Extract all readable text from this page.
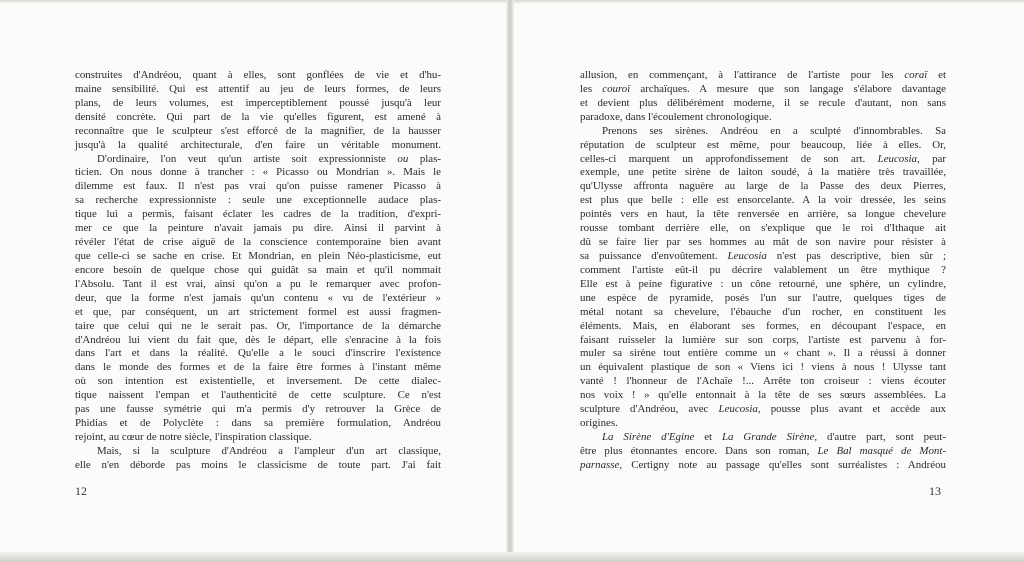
construites d'Andréou, quant à elles, sont gonflées de vie et d'hu-
maine sensibilité. Qui est attentif au jeu de leurs formes, de leurs
plans, de leurs volumes, est imperceptiblement poussé jusqu'à leur
densité concrète. Qui part de la vie qu'elles figurent, est amené à
reconnaître que le sculpteur s'est efforcé de la magnifier, de la hausser
jusqu'à la qualité architecturale, d'en faire un véritable monument.
D'ordinaire, l'on veut qu'un artiste soit expressionniste ou plas-
ticien. On nous donne à trancher : « Picasso ou Mondrian ». Mais le
dilemme est faux. Il n'est pas vrai qu'on puisse ramener Picasso à
sa recherche expressionniste : seule une exceptionnelle audace plas-
tique lui a permis, faisant éclater les cadres de la tradition, d'expri-
mer ce que la peinture n'avait jamais pu dire. Ainsi il parvint à
révéler l'état de crise aiguë de la conscience contemporaine bien avant
que celle-ci se sache en crise. Et Mondrian, en plein Néo-plasticisme, eut
encore besoin de quelque chose qui guidât sa main et qu'il nommait
l'Absolu. Tant il est vrai, ainsi qu'on a pu le remarquer avec profon-
deur, que la forme n'est jamais qu'un contenu « vu de l'extérieur »
et que, par conséquent, un art strictement formel est aussi fragmen-
taire que celui qui ne le serait pas. Or, l'importance de la démarche
d'Andréou lui vient du fait que, dès le départ, elle s'enracine à la fois
dans l'art et dans la réalité. Qu'elle a le souci d'inscrire l'existence
dans le monde des formes et de la faire être formes à l'instant même
où son intention est existentielle, et inversement. De cette dialec-
tique naissent l'empan et l'authenticité de cette sculpture. Ce n'est
pas une fausse symétrie qui m'a permis d'y retrouver la Grèce de
Phidias et de Polyclète : dans sa première formulation, Andréou
rejoint, au cœur de notre siècle, l'inspiration classique.
Mais, si la sculpture d'Andréou a l'ampleur d'un art classique,
elle n'en déborde pas moins le classicisme de toute part. J'ai fait
allusion, en commençant, à l'attirance de l'artiste pour les coraï et
les couroï archaïques. A mesure que son langage s'élabore davantage
et devient plus délibérément moderne, il se recule d'autant, non sans
paradoxe, dans l'écoulement chronologique.
Prenons ses sirènes. Andréou en a sculpté d'innombrables. Sa
réputation de sculpteur est même, pour beaucoup, liée à elles. Or,
celles-ci marquent un approfondissement de son art. Leucosia, par
exemple, une petite sirène de laiton soudé, à la matière très travaillée,
qu'Ulysse affronta naguère au large de la Passe des deux Pierres,
est plus que belle : elle est ensorcelante. A la voir dressée, les seins
pointés vers en haut, la tête renversée en arrière, sa longue chevelure
rousse tombant derrière elle, on s'explique que le roi d'Ithaque ait
dû se faire lier par ses hommes au mât de son navire pour résister à
sa puissance d'envoûtement. Leucosia n'est pas descriptive, bien sûr ;
comment l'artiste eût-il pu décrire valablement un être mythique ?
Elle est à peine figurative : un cône retourné, une sphère, un cylindre,
une espèce de pyramide, posés l'un sur l'autre, quelques tiges de
métal notant sa chevelure, l'ébauche d'un rocher, en constituent les
éléments. Mais, en élaborant ses formes, en découpant l'espace, en
faisant ruisseler la lumière sur son corps, l'artiste est parvenu à for-
muler sa sirène tout entière comme un « chant ». Il a réussi à donner
un équivalent plastique de son « Viens ici ! viens à nous ! Ulysse tant
vanté ! l'honneur de l'Achaïe !... Arrête ton croiseur : viens écouter
nos voix ! » qu'elle entonnait à la tête de ses sœurs assemblées. La
sculpture d'Andréou, avec Leucosia, pousse plus avant et accède aux
origines.
La Sirène d'Egine et La Grande Sirène, d'autre part, sont peut-
être plus étonnantes encore. Dans son roman, Le Bal masqué de Mont-
parnasse, Certigny note au passage qu'elles sont surréalistes : Andréou
12	13
